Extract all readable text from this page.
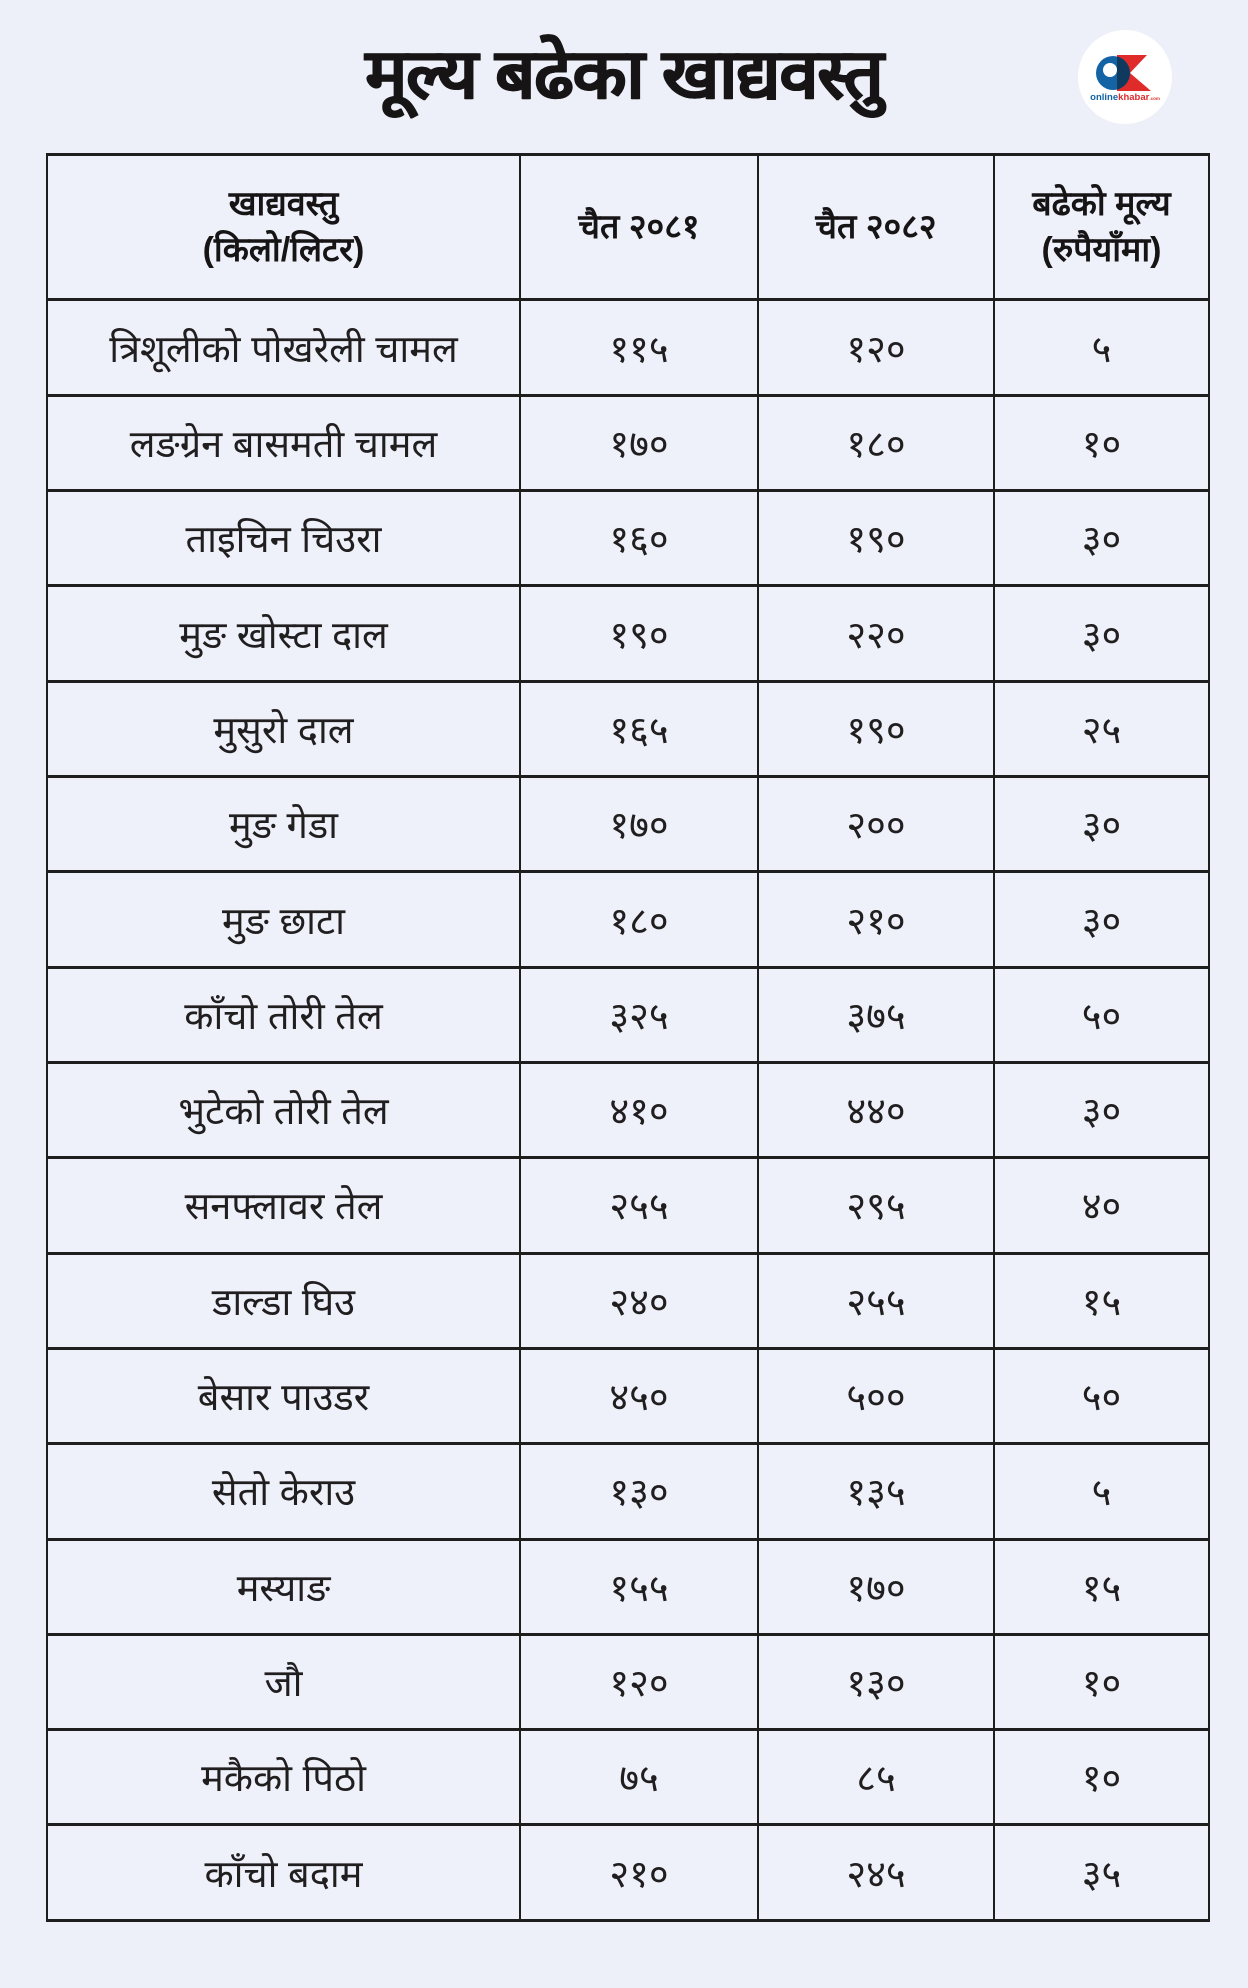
मूल्य बढेका खाद्यवस्तु	onlinekhabar.com
खाद्यवस्तु
(किलो/लिटर)	चैत २०८१	चैत २०८२	बढेको मूल्य
(रुपैयाँमा)

त्रिशूलीको पोखरेली चामल	११५	१२०	५
लङग्रेन बासमती चामल	१७०	१८०	१०
ताइचिन चिउरा	१६०	१९०	३०
मुङ खोस्टा दाल	१९०	२२०	३०
मुसुरो दाल	१६५	१९०	२५
मुङ गेडा	१७०	२००	३०
मुङ छाटा	१८०	२१०	३०
काँचो तोरी तेल	३२५	३७५	५०
भुटेको तोरी तेल	४१०	४४०	३०
सनफ्लावर तेल	२५५	२९५	४०
डाल्डा घिउ	२४०	२५५	१५
बेसार पाउडर	४५०	५००	५०
सेतो केराउ	१३०	१३५	५
मस्याङ	१५५	१७०	१५
जौ	१२०	१३०	१०
मकैको पिठो	७५	८५	१०
काँचो बदाम	२१०	२४५	३५
